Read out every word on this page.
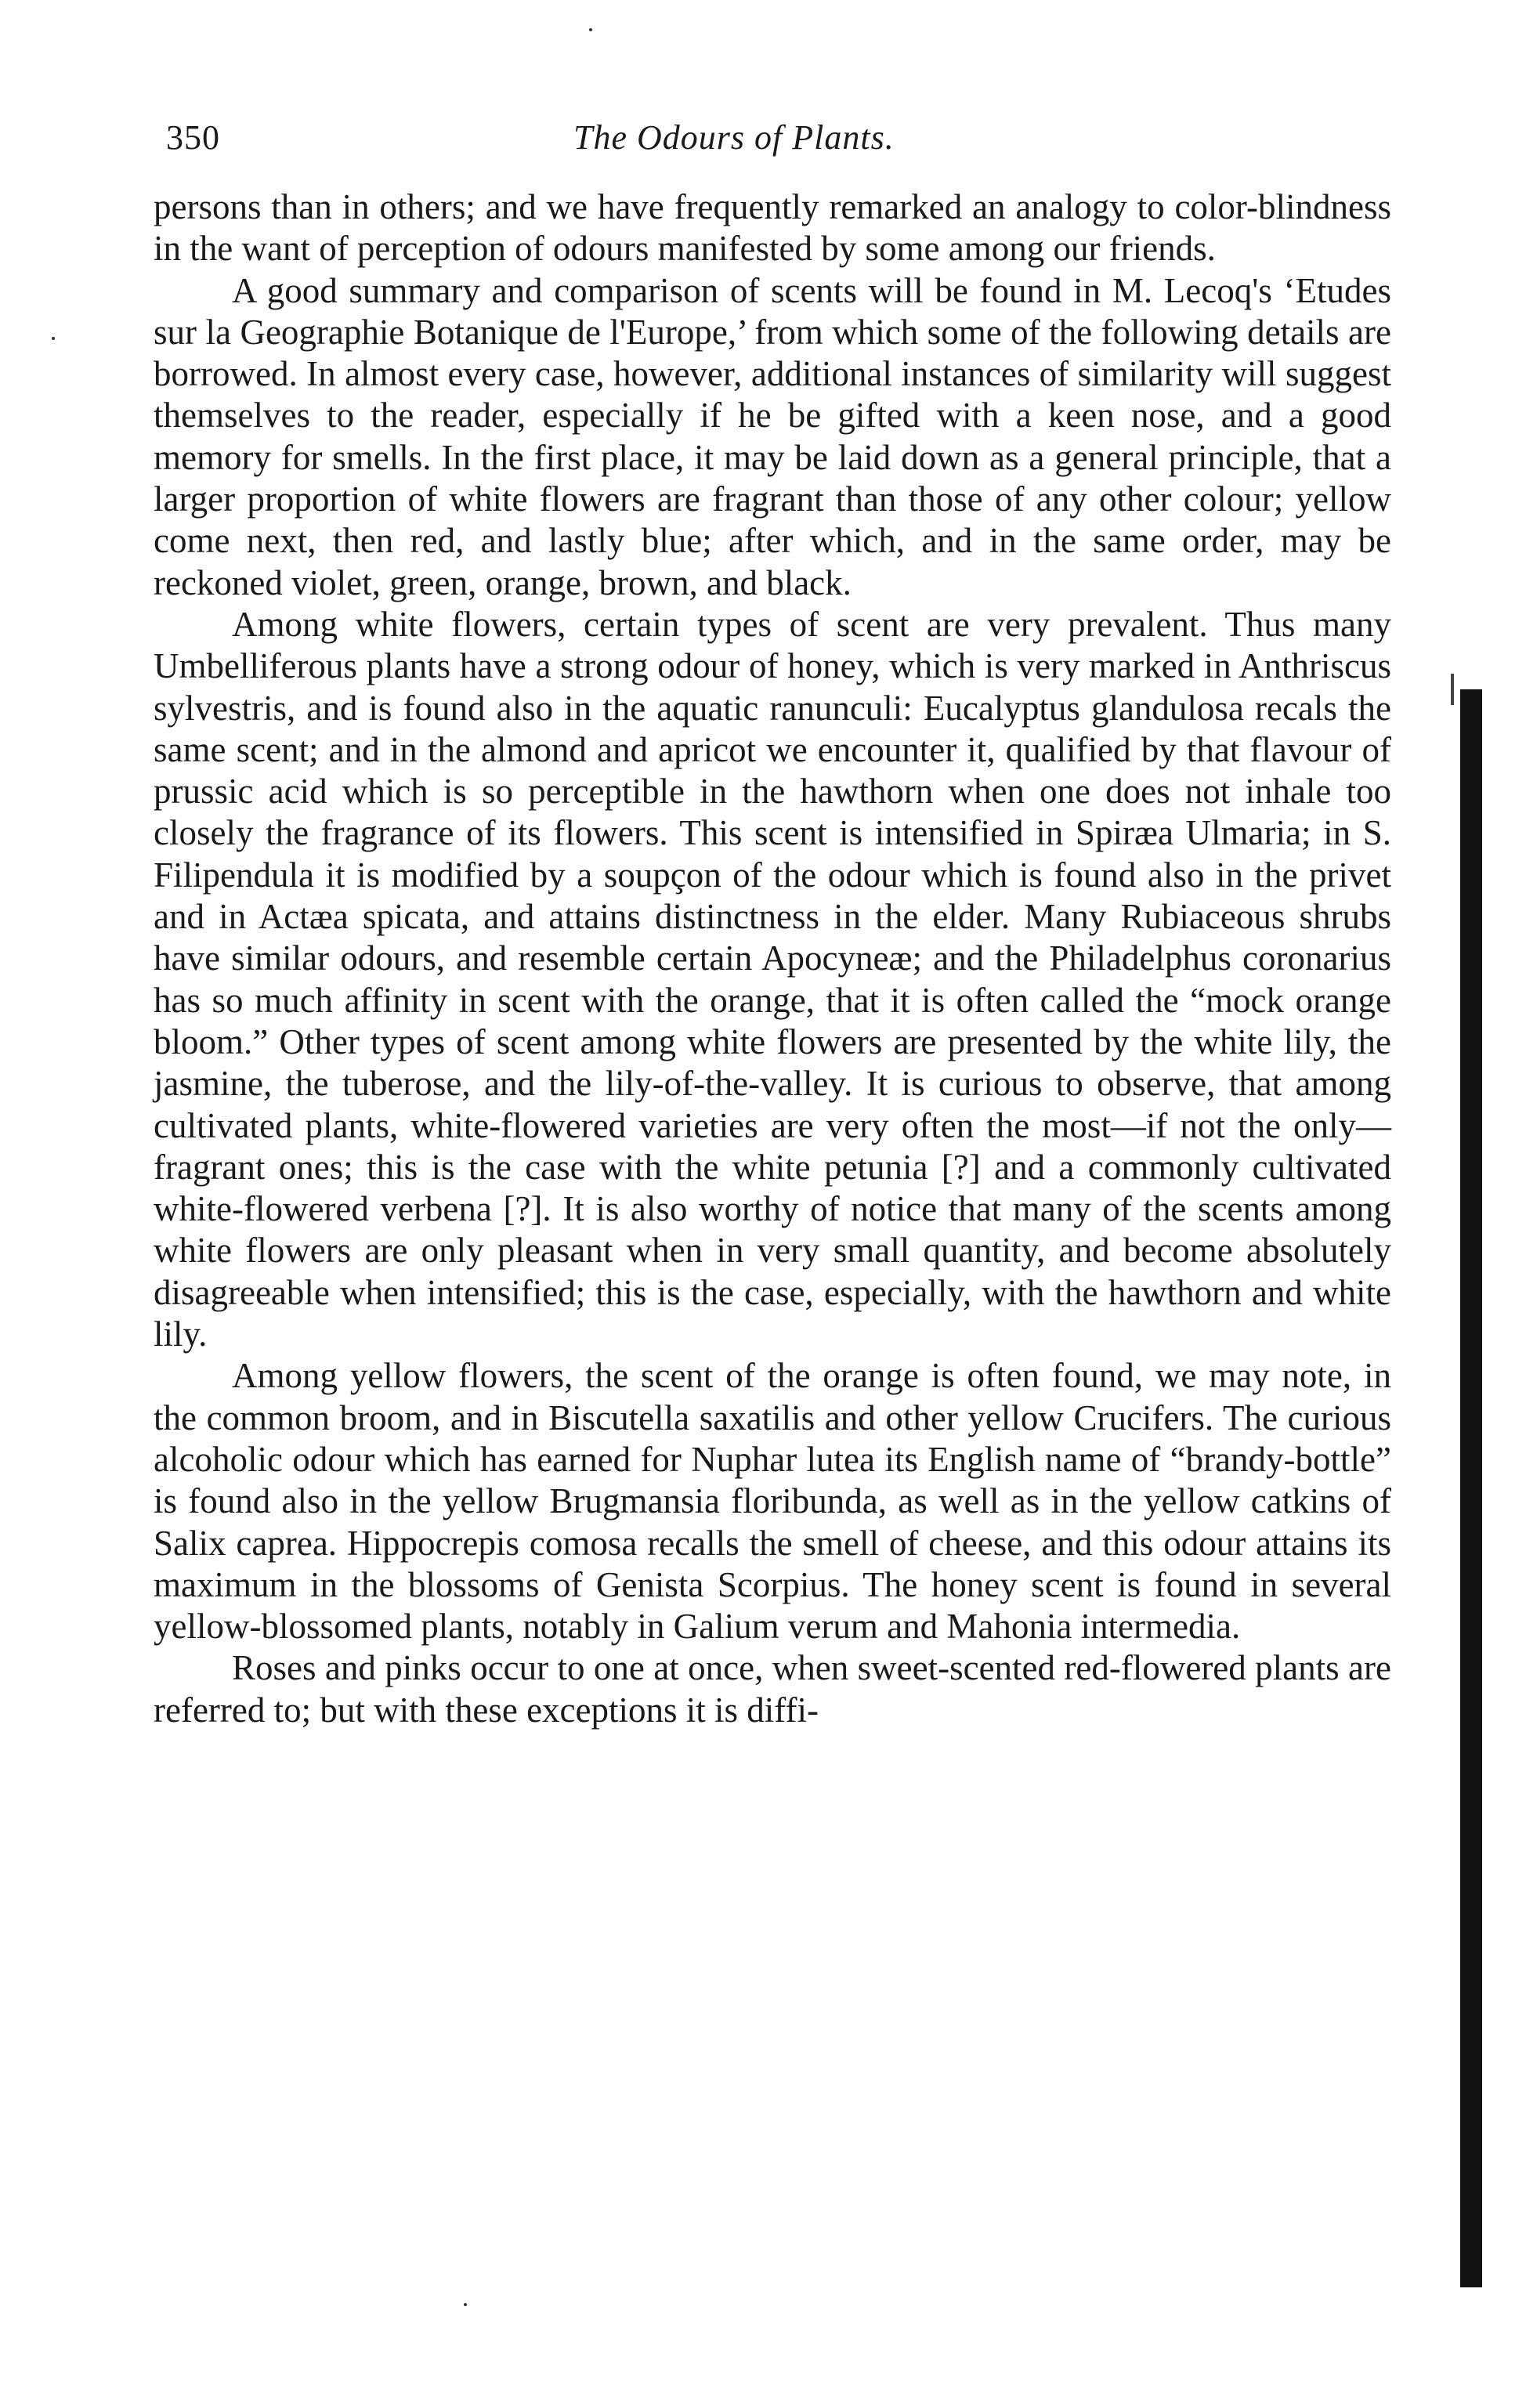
350	The Odours of Plants.

persons than in others; and we have frequently remarked an analogy to color-blindness in the want of perception of odours manifested by some among our friends.

A good summary and comparison of scents will be found in M. Lecoq's ‘Etudes sur la Geographie Botanique de l'Europe,’ from which some of the following details are borrowed. In almost every case, however, additional instances of similarity will suggest themselves to the reader, especially if he be gifted with a keen nose, and a good memory for smells. In the first place, it may be laid down as a general principle, that a larger proportion of white flowers are fragrant than those of any other colour; yellow come next, then red, and lastly blue; after which, and in the same order, may be reckoned violet, green, orange, brown, and black.

Among white flowers, certain types of scent are very prevalent. Thus many Umbelliferous plants have a strong odour of honey, which is very marked in Anthriscus sylvestris, and is found also in the aquatic ranunculi: Eucalyptus glandulosa recals the same scent; and in the almond and apricot we encounter it, qualified by that flavour of prussic acid which is so perceptible in the hawthorn when one does not inhale too closely the fragrance of its flowers. This scent is intensified in Spiræa Ulmaria; in S. Filipendula it is modified by a soupçon of the odour which is found also in the privet and in Actæa spicata, and attains distinctness in the elder. Many Rubiaceous shrubs have similar odours, and resemble certain Apocyneæ; and the Philadelphus coronarius has so much affinity in scent with the orange, that it is often called the “mock orange bloom.” Other types of scent among white flowers are presented by the white lily, the jasmine, the tuberose, and the lily-of-the-valley. It is curious to observe, that among cultivated plants, white-flowered varieties are very often the most—if not the only—fragrant ones; this is the case with the white petunia [?] and a commonly cultivated white-flowered verbena [?]. It is also worthy of notice that many of the scents among white flowers are only pleasant when in very small quantity, and become absolutely disagreeable when intensified; this is the case, especially, with the hawthorn and white lily.

Among yellow flowers, the scent of the orange is often found, we may note, in the common broom, and in Biscutella saxatilis and other yellow Crucifers. The curious alcoholic odour which has earned for Nuphar lutea its English name of “brandy-bottle” is found also in the yellow Brugmansia floribunda, as well as in the yellow catkins of Salix caprea. Hippocrepis comosa recalls the smell of cheese, and this odour attains its maximum in the blossoms of Genista Scorpius. The honey scent is found in several yellow-blossomed plants, notably in Galium verum and Mahonia intermedia.

Roses and pinks occur to one at once, when sweet-scented red-flowered plants are referred to; but with these exceptions it is diffi-
